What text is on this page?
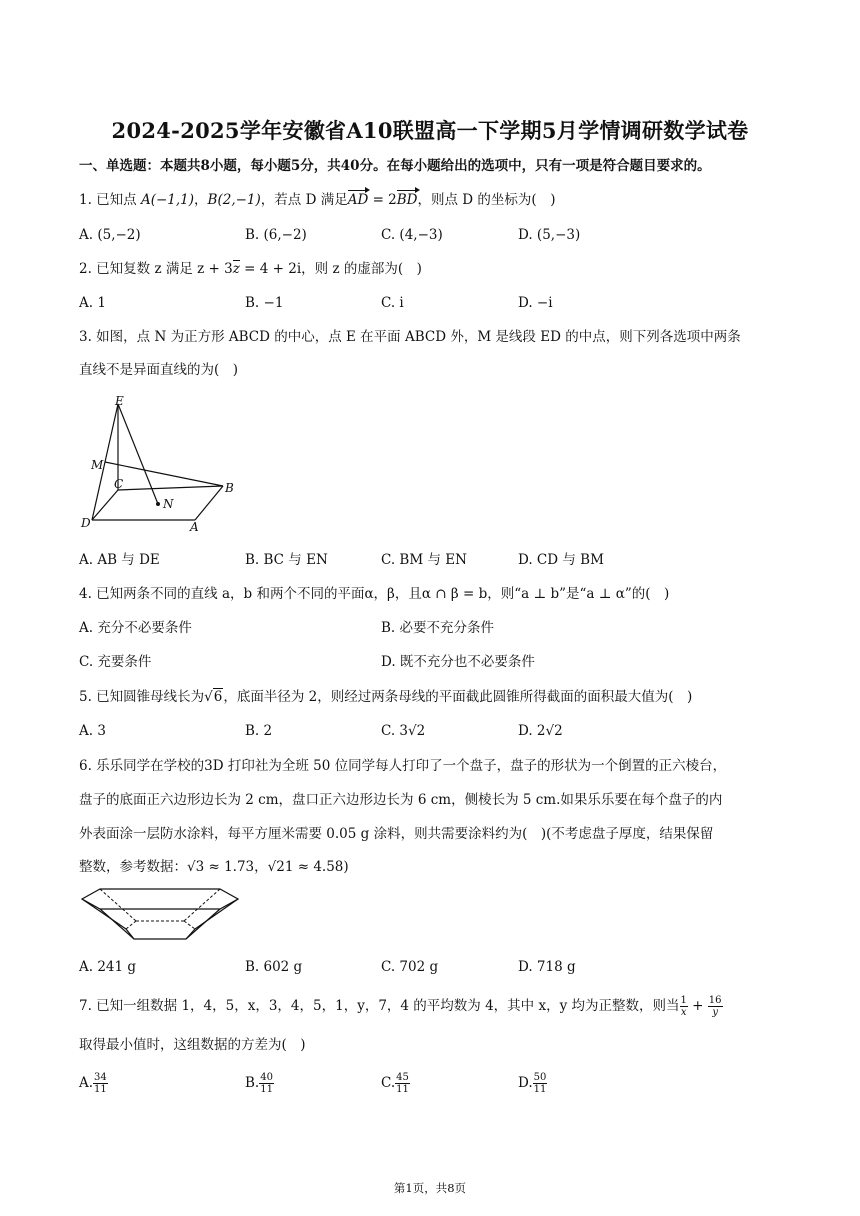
2024-2025学年安徽省A10联盟高一下学期5月学情调研数学试卷
一、单选题：本题共8小题，每小题5分，共40分。在每小题给出的选项中，只有一项是符合题目要求的。
1. 已知点 A(−1,1)，B(2,−1)，若点 D 满足AD = 2BD，则点 D 的坐标为(　)
A. (5,−2)	B. (6,−2)	C. (4,−3)	D. (5,−3)
2. 已知复数 z 满足 z + 3z = 4 + 2i，则 z 的虚部为(　)
A. 1	B. −1	C. i	D. −i
3. 如图，点 N 为正方形 ABCD 的中心，点 E 在平面 ABCD 外，M 是线段 ED 的中点，则下列各选项中两条
直线不是异面直线的为(　)
E
M
C
N
B
D	A
A. AB 与 DE	B. BC 与 EN	C. BM 与 EN	D. CD 与 BM
4. 已知两条不同的直线 a，b 和两个不同的平面α，β，且α ∩ β = b，则“a ⊥ b”是“a ⊥ α”的(　)
A. 充分不必要条件	B. 必要不充分条件
C. 充要条件	D. 既不充分也不必要条件
5. 已知圆锥母线长为√6，底面半径为 2，则经过两条母线的平面截此圆锥所得截面的面积最大值为(　)
A. 3	B. 2	C. 3√2	D. 2√2
6. 乐乐同学在学校的3D 打印社为全班 50 位同学每人打印了一个盘子，盘子的形状为一个倒置的正六棱台，
盘子的底面正六边形边长为 2 cm，盘口正六边形边长为 6 cm，侧棱长为 5 cm.如果乐乐要在每个盘子的内
外表面涂一层防水涂料，每平方厘米需要 0.05 g 涂料，则共需要涂料约为(　)(不考虑盘子厚度，结果保留
整数，参考数据：√3 ≈ 1.73，√21 ≈ 4.58)
A. 241 g	B. 602 g	C. 702 g	D. 718 g
7. 已知一组数据 1，4，5，x，3，4，5，1，y，7，4 的平均数为 4，其中 x，y 均为正整数，则当 $\frac{1}{x} + \frac{16}{y}$
取得最小值时，这组数据的方差为(　)
A. $\frac{34}{11}$	B. $\frac{40}{11}$	C. $\frac{45}{11}$	D. $\frac{50}{11}$
第1页，共8页
